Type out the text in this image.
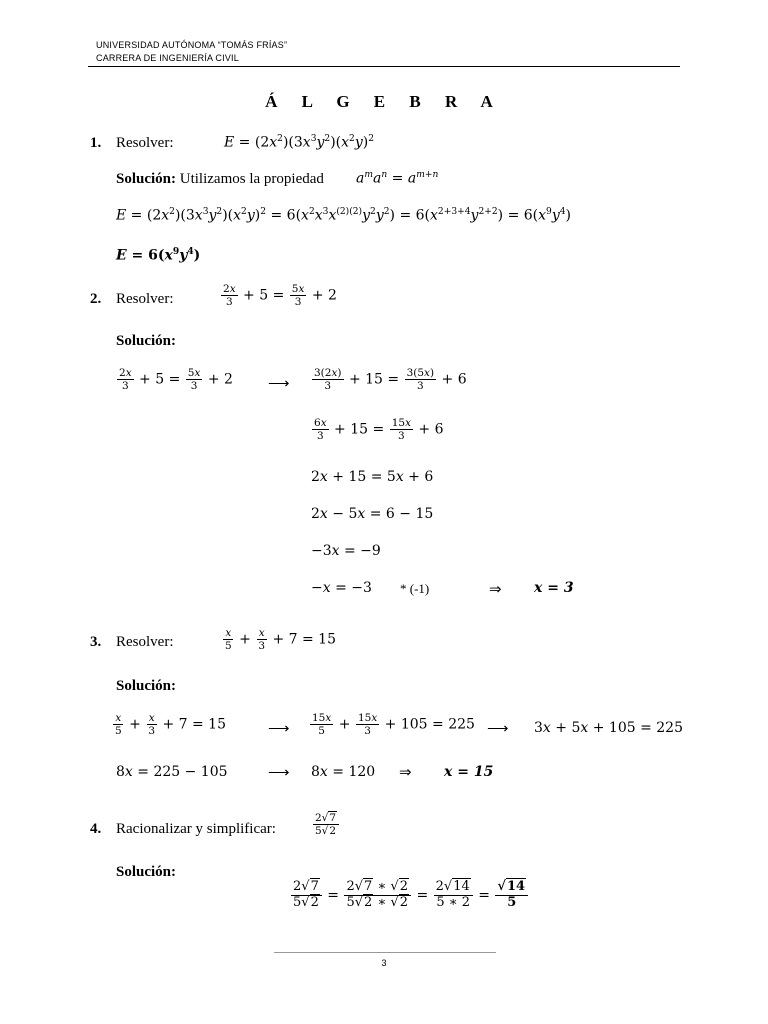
UNIVERSIDAD AUTÓNOMA “TOMÁS FRÍAS”
CARRERA DE INGENIERÍA CIVIL
Á L G E B R A
1. Resolver:	$E = (2x^2)(3x^3y^2)(x^2y)^2$
Solución: Utilizamos la propiedad $a^ma^n = a^{m+n}$
$E = (2x^2)(3x^3y^2)(x^2y)^2 = 6(x^2x^3x^{(2)(2)}y^2y^2) = 6(x^{2+3+4}y^{2+2}) = 6(x^9y^4)$
$E = 6(x^9y^4)$
2. Resolver:	$\frac{2x}{3} + 5 = \frac{5x}{3} + 2$
Solución:
$\frac{2x}{3} + 5 = \frac{5x}{3} + 2$ ⟶ $\frac{3(2x)}{3} + 15 = \frac{3(5x)}{3} + 6$
$\frac{6x}{3} + 15 = \frac{15x}{3} + 6$
2x + 15 = 5x + 6
2x − 5x = 6 − 15
−3x = −9
−x = −3 * (-1)	⇒ x = 3
3. Resolver:	$\frac{x}{5} + \frac{x}{3} + 7 = 15$
Solución:
$\frac{x}{5} + \frac{x}{3} + 7 = 15$	⟶ $\frac{15x}{5} + \frac{15x}{3} + 105 = 225$ ⟶ 3x + 5x + 105 = 225
8x = 225 − 105	⟶ 8x = 120 ⇒ x = 15
4. Racionalizar y simplificar:	$\frac{2√7}{5√2}$
Solución:
$\frac{2√7}{5√2} = \frac{2√7 ∗ √2}{5√2 ∗ √2} = \frac{2√14}{5 ∗ 2} = \frac{√14}{5}$
3
